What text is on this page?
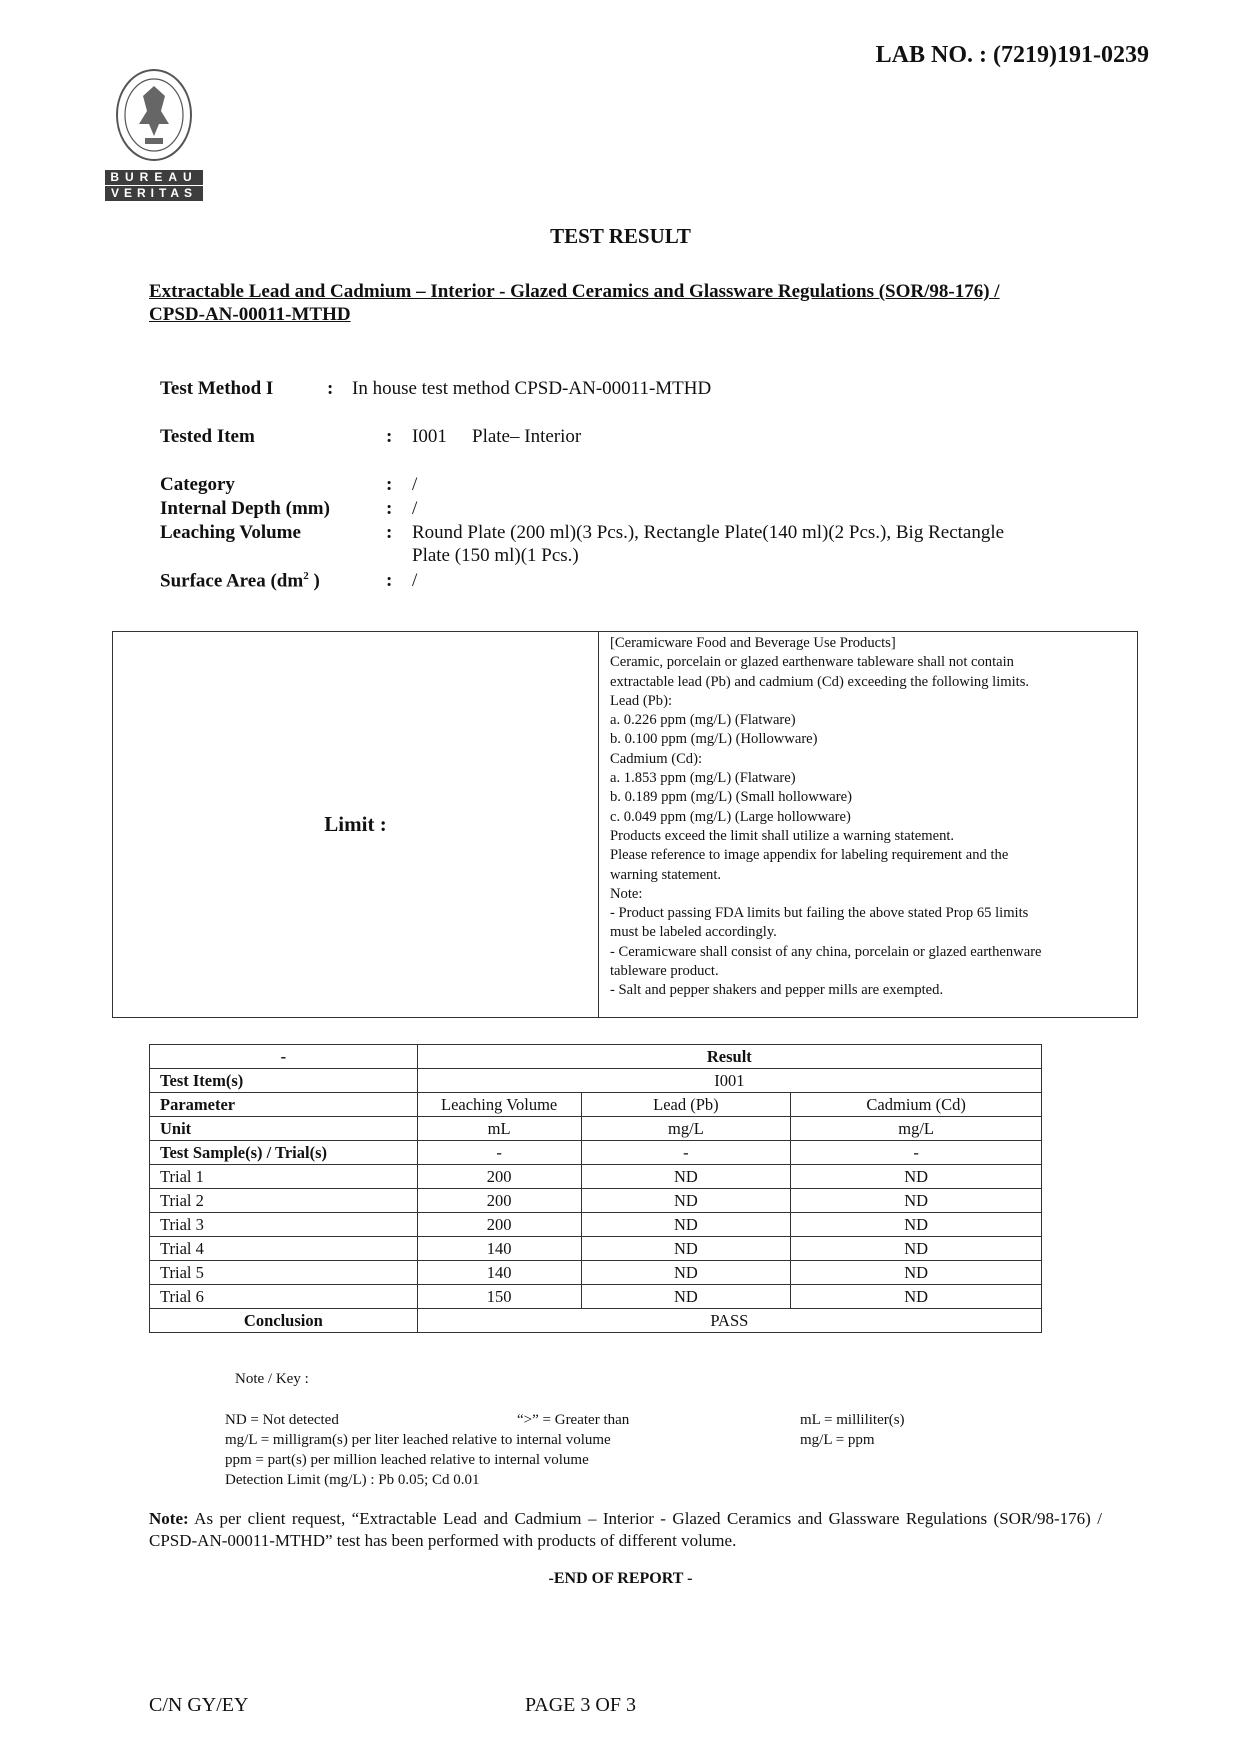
LAB NO. : (7219)191-0239
BUREAU
VERITAS
TEST RESULT
Extractable Lead and Cadmium – Interior - Glazed Ceramics and Glassware Regulations (SOR/98-176) /
CPSD-AN-00011-MTHD
Test Method I	: In house test method CPSD-AN-00011-MTHD
Tested Item	: I001 Plate– Interior
Category	: /
Internal Depth (mm)	: /
Leaching Volume	: Round Plate (200 ml)(3 Pcs.), Rectangle Plate(140 ml)(2 Pcs.), Big Rectangle
Plate (150 ml)(1 Pcs.)
Surface Area ($dm^2$ )	: /
Limit :
[Ceramicware Food and Beverage Use Products]
Ceramic, porcelain or glazed earthenware tableware shall not contain
extractable lead (Pb) and cadmium (Cd) exceeding the following limits.
Lead (Pb):
a. 0.226 ppm (mg/L) (Flatware)
b. 0.100 ppm (mg/L) (Hollowware)
Cadmium (Cd):
a. 1.853 ppm (mg/L) (Flatware)
b. 0.189 ppm (mg/L) (Small hollowware)
c. 0.049 ppm (mg/L) (Large hollowware)
Products exceed the limit shall utilize a warning statement.
Please reference to image appendix for labeling requirement and the
warning statement.
Note:
- Product passing FDA limits but failing the above stated Prop 65 limits
must be labeled accordingly.
- Ceramicware shall consist of any china, porcelain or glazed earthenware
tableware product.
- Salt and pepper shakers and pepper mills are exempted.
-	Result		
Test Item(s)	I001		
Parameter	Leaching Volume	Lead (Pb)	Cadmium (Cd)
Unit	mL	mg/L	mg/L
Test Sample(s) / Trial(s)	-	-	-
Trial 1	200	ND	ND
Trial 2	200	ND	ND
Trial 3	200	ND	ND
Trial 4	140	ND	ND
Trial 5	140	ND	ND
Trial 6	150	ND	ND
Conclusion	PASS		
Note / Key :
ND = Not detected
mg/L = milligram(s) per liter leached relative to internal volume
ppm = part(s) per million leached relative to internal volume
Detection Limit (mg/L) : Pb 0.05; Cd 0.01
“>” = Greater than	mL = milliliter(s)
mg/L = ppm
Note: As per client request, “Extractable Lead and Cadmium – Interior - Glazed Ceramics and Glassware Regulations (SOR/98-176) / CPSD-AN-00011-MTHD” test has been performed with products of different volume.
-END OF REPORT -
C/N GY/EY	PAGE 3 OF 3
